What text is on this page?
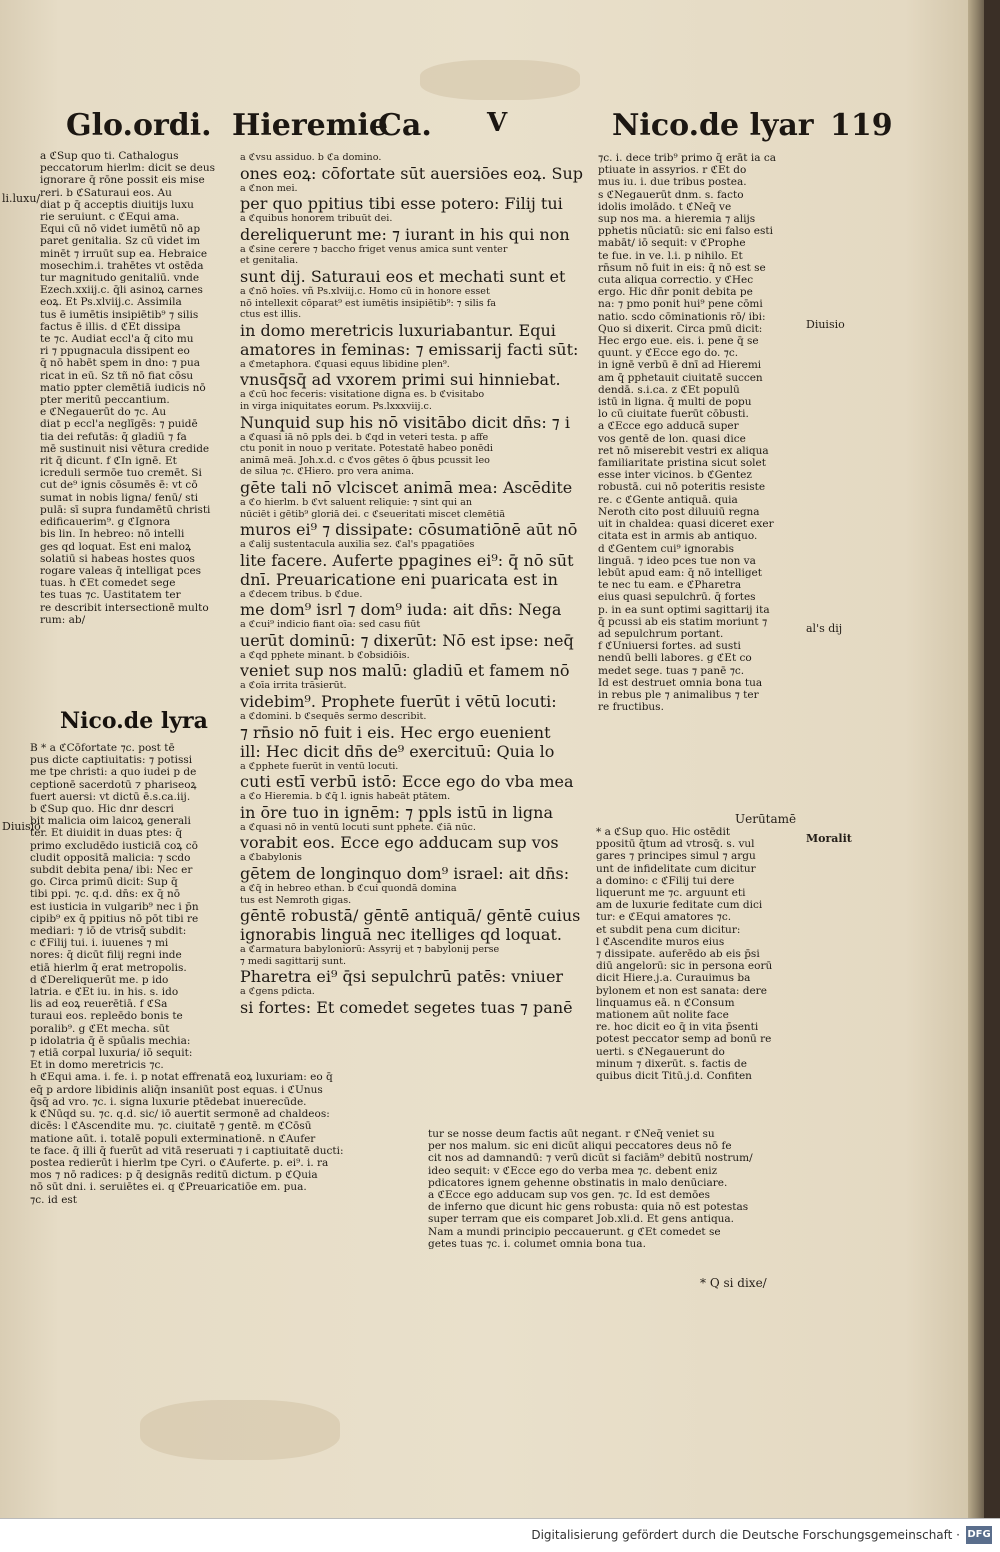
Glo.ordi. Hieremie
Ca. V	Nico.de lyar 119
li.luxu/
Diuisio
Diuisio
al's dij
Moralit
a ℭSup quo ti. Cathalogus
peccatorum hierlm: dicit se deus
ignorare q̄ rōne possit eis mise
reri. b ℭSaturaui eos. Au
diat p q̄ acceptis diuitijs luxu
rie seruiunt. c ℭEqui ama.
Equi cū nō videt iumētū nō ap
paret genitalia. Sz cū videt im
minēt ⁊ irruūt sup ea. Hebraice
mosechim.i. trahētes vt ostēda
tur magnitudo genitaliū. vnde
Ezech.xxiij.c. q̄li asinoꝝ carnes
eoꝝ. Et Ps.xlviij.c. Assimila
tus ē iumētis insipiētib⁹ ⁊ silis
factus ē illis. d ℭEt dissipa
te ⁊c. Audiat eccl'a q̄ cito mu
ri ⁊ ppugnacula dissipent eo
q̄ nō habēt spem in dno: ⁊ pua
ricat in eū. Sz tñ nō fiat cōsu
matio ppter clemētiā iudicis nō
pter meritū peccantium.
e ℭNegauerūt do ⁊c. Au
diat p eccl'a neglīgēs: ⁊ puidē
tia dei refutās: q̄ gladiū ⁊ fa
mē sustinuit nisi vētura credide
rit q̄ dicunt. f ℭIn ignē. Et
icreduli sermōe tuo cremēt. Si
cut de⁹ ignis cōsumēs ē: vt cō
sumat in nobis ligna/ fenū/ sti
pulā: sī supra fundamētū christi
edificauerim⁹. g ℭIgnora
bis lin. In hebreo: nō intelli
ges qd loquat. Est eni maloꝝ
solatiū si habeas hostes quos
rogare valeas q̄ intelligat pces
tuas. h ℭEt comedet sege
tes tuas ⁊c. Uastitatem ter
re describit intersectionē multo
rum: ab/
Nico.de lyra
B * a ℭCōfortate ⁊c. post tē
pus dicte captiuitatis: ⁊ potissi
me tpe christi: a quo iudei p de
ceptionē sacerdotū ⁊ phariseoꝝ
fuert auersi: vt dictū ē.s.ca.iij.
b ℭSup quo. Hic dnr descri
bit malicia oim laicoꝝ generali
ter. Et diuidit in duas ptes: q̄
primo excludēdo iusticiā coꝝ cō
cludit oppositā malicia: ⁊ scdo
subdit debita pena/ ibi: Nec er
go. Circa primū dicit: Sup q̄
tibi ppi. ⁊c. q.d. dn̄s: ex q̄ nō
est iusticia in vulgarib⁹ nec i p̄n
cipib⁹ ex q̄ ppitius nō pōt tibi re
mediari: ⁊ iō de vtrisq̄ subdit:
c ℭFilij tui. i. iuuenes ⁊ mi
nores: q̄ dicūt filij regni inde
etiā hierlm q̄ erat metropolis.
d ℭDereliquerūt me. p ido
latria. e ℭEt iu. in his. s. ido
lis ad eoꝝ reuerētiā. f ℭSa
turaui eos. repleēdo bonis te
poralib⁹. g ℭEt mecha. sūt
p idolatria q̄ ē spūalis mechia:
⁊ etiā corpal luxuria/ iō sequit:
Et in domo meretricis ⁊c.
h ℭEqui ama. i. fe. i. p notat effrenatā eoꝝ luxuriam: eo q̄
eq̄ p ardore libidinis aliq̄n insaniūt post equas. i ℭUnus
q̄sq̄ ad vro. ⁊c. i. signa luxurie ptēdebat inuerecūde.
k ℭNūqd su. ⁊c. q.d. sic/ iō auertit sermonē ad chaldeos:
dicēs: l ℭAscendite mu. ⁊c. ciuitatē ⁊ gentē. m ℭCōsū
matione aūt. i. totalē populi exterminationē. n ℭAufer
te face. q̄ illi q̄ fuerūt ad vitā reseruati ⁊ i captiuitatē ducti:
postea redierūt i hierlm tpe Cyri. o ℭAuferte. p. ei⁹. i. ra
mos ⁊ nō radices: p q̄ designās reditū dictum. p ℭQuia
nō sūt dni. i. seruiētes ei. q ℭPreuaricatiōe em. pua.
⁊c. id est
a ℭvsu assiduo. b ℭa domino.
ones eoꝝ: cōfortate sūt auersiōes eoꝝ. Sup
a ℭnon mei.
per quo ppitius tibi esse potero: Filij tui
a ℭquibus honorem tribuūt dei.
dereliquerunt me: ⁊ iurant in his qui non
a ℭsine cerere ⁊ baccho friget venus amica sunt venter
et genitalia.
sunt dij. Saturaui eos et mechati sunt et
a ℭnō hoīes. vñ Ps.xlviij.c. Homo cū in honore esset
nō intellexit cōparat⁹ est iumētis insipiētib⁹: ⁊ silis fa
ctus est illis.
in domo meretricis luxuriabantur. Equi
amatores in feminas: ⁊ emissarij facti sūt:
a ℭmetaphora. ℭquasi equus libidine plen⁹.
vnusq̄sq̄ ad vxorem primi sui hinniebat.
a ℭcū hoc feceris: visitatione digna es. b ℭvisitabo
in virga iniquitates eorum. Ps.lxxxviij.c.
Nunquid sup his nō visitābo dicit dn̄s: ⁊ i
a ℭquasi iā nō ppls dei. b ℭqd in veteri testa. p affe
ctu ponit in nouo p veritate. Potestatē habeo ponēdi
animā meā. Joh.x.d. c ℭvos gētes ō q̄bus pcussit leo
de silua ⁊c. ℭHiero. pro vera anima.
gēte tali nō vlciscet animā mea: Ascēdite
a ℭo hierlm. b ℭvt saluent reliquie: ⁊ sint qui an
nūciēt i gētib⁹ gloriā dei. c ℭseueritati miscet clemētiā
muros ei⁹ ⁊ dissipate: cōsumatiōnē aūt nō
a ℭalij sustentacula auxilia sez. ℭal's ppagatiōes
lite facere. Auferte ppagines ei⁹: q̄ nō sūt
dnī. Preuaricatione eni puaricata est in
a ℭdecem tribus. b ℭdue.
me dom⁹ isrl ⁊ dom⁹ iuda: ait dn̄s: Nega
a ℭcui⁹ indicio fiant oīa: sed casu fiūt
uerūt dominū: ⁊ dixerūt: Nō est ipse: neq̄
a ℭqd pphete minant. b ℭobsidiōis.
veniet sup nos malū: gladiū et famem nō
a ℭoīa irrita trāsierūt.
videbim⁹. Prophete fuerūt i vētū locuti:
a ℭdomini. b ℭsequēs sermo describit.
⁊ rn̄sio nō fuit i eis. Hec ergo euenient
ill: Hec dicit dn̄s de⁹ exercituū: Quia lo
a ℭpphete fuerūt in ventū locuti.
cuti estī verbū istō: Ecce ego do vba mea
a ℭo Hieremia. b ℭq̄ l. ignis habeāt ptātem.
in ōre tuo in ignēm: ⁊ ppls istū in ligna
a ℭquasi nō in ventū locuti sunt pphete. ℭiā nūc.
vorabit eos. Ecce ego adducam sup vos
a ℭbabylonis
gētem de longinquo dom⁹ israel: ait dn̄s:
a ℭq̄ in hebreo ethan. b ℭcui quondā domina
tus est Nemroth gigas.
gēntē robustā/ gēntē antiquā/ gēntē cuius
ignorabis linguā nec itelliges qd loquat.
a ℭarmatura babyloniorū: Assyrij et ⁊ babylonij perse
⁊ medi sagittarij sunt.
Pharetra ei⁹ q̄si sepulchrū patēs: vniuer
a ℭgens pdicta.
si fortes: Et comedet segetes tuas ⁊ panē
tur se nosse deum factis aūt negant. r ℭNeq̄ veniet su
per nos malum. sic eni dicūt aliqui peccatores deus nō fe
cit nos ad damnandū: ⁊ verū dicūt si faciām⁹ debitū nostrum/
ideo sequit: v ℭEcce ego do verba mea ⁊c. debent eniz
pdicatores ignem gehenne obstinatis in malo denūciare.
a ℭEcce ego adducam sup vos gen. ⁊c. Id est demōes
de inferno que dicunt hic gens robusta: quia nō est potestas
super terram que eis comparet Job.xli.d. Et gens antiqua.
Nam a mundi principio peccauerunt. g ℭEt comedet se
getes tuas ⁊c. i. columet omnia bona tua.
⁊c. i. dece trib⁹ primo q̄ erāt ia ca
ptiuate in assyrios. r ℭEt do
mus iu. i. due tribus postea.
s ℭNegauerūt dnm. s. facto
idolis imolādo. t ℭNeq̄ ve
sup nos ma. a hieremia ⁊ alijs
pphetis nūciatū: sic eni falso esti
mabāt/ iō sequit: v ℭProphe
te fue. in ve. l.i. p nihilo. Et
rn̄sum nō fuit in eis: q̄ nō est se
cuta aliqua correctio. y ℭHec
ergo. Hic dn̄r ponit debita pe
na: ⁊ pmo ponit hui⁹ pene cōmi
natio. scdo cōminationis rō/ ibi:
Quo si dixerit. Circa pmū dicit:
Hec ergo eue. eis. i. pene q̄ se
quunt. y ℭEcce ego do. ⁊c.
in ignē verbū ē dnī ad Hieremi
am q̄ pphetauit ciuitatē succen
dendā. s.i.ca. z ℭEt populū
istū in ligna. q̄ multi de popu
lo cū ciuitate fuerūt cōbusti.
a ℭEcce ego adducā super
vos gentē de lon. quasi dice
ret nō miserebit vestri ex aliqua
familiaritate pristina sicut solet
esse inter vicinos. b ℭGentez
robustā. cui nō poteritis resiste
re. c ℭGente antiquā. quia
Neroth cito post diluuiū regna
uit in chaldea: quasi diceret exer
citata est in armis ab antiquo.
d ℭGentem cui⁹ ignorabis
linguā. ⁊ ideo pces tue non va
lebūt apud eam: q̄ nō intelliget
te nec tu eam. e ℭPharetra
eius quasi sepulchrū. q̄ fortes
p. in ea sunt optimi sagittarij ita
q̄ pcussi ab eis statim moriunt ⁊
ad sepulchrum portant.
f ℭUniuersi fortes. ad susti
nendū belli labores. g ℭEt co
medet sege. tuas ⁊ panē ⁊c.
Id est destruet omnia bona tua
in rebus ple ⁊ animalibus ⁊ ter
re fructibus.
Uerūtamē
* a ℭSup quo. Hic ostēdit
ppositū q̄tum ad vtrosq̄. s. vul
gares ⁊ principes simul ⁊ argu
unt de infidelitate cum dicitur
a domino: c ℭFilij tui dere
liquerunt me ⁊c. arguunt eti
am de luxurie feditate cum dici
tur: e ℭEqui amatores ⁊c.
et subdit pena cum dicitur:
l ℭAscendite muros eius
⁊ dissipate. auferēdo ab eis p̄si
diū angelorū: sic in persona eorū
dicit Hiere.j.a. Curauimus ba
bylonem et non est sanata: dere
linquamus eā. n ℭConsum
mationem aūt nolite face
re. hoc dicit eo q̄ in vita p̄senti
potest peccator semp ad bonū re
uerti. s ℭNegauerunt do
minum ⁊ dixerūt. s. factis de
quibus dicit Titū.j.d. Confiten
* Q si dixe/
Digitalisierung gefördert durch die Deutsche Forschungsgemeinschaft · DFG
